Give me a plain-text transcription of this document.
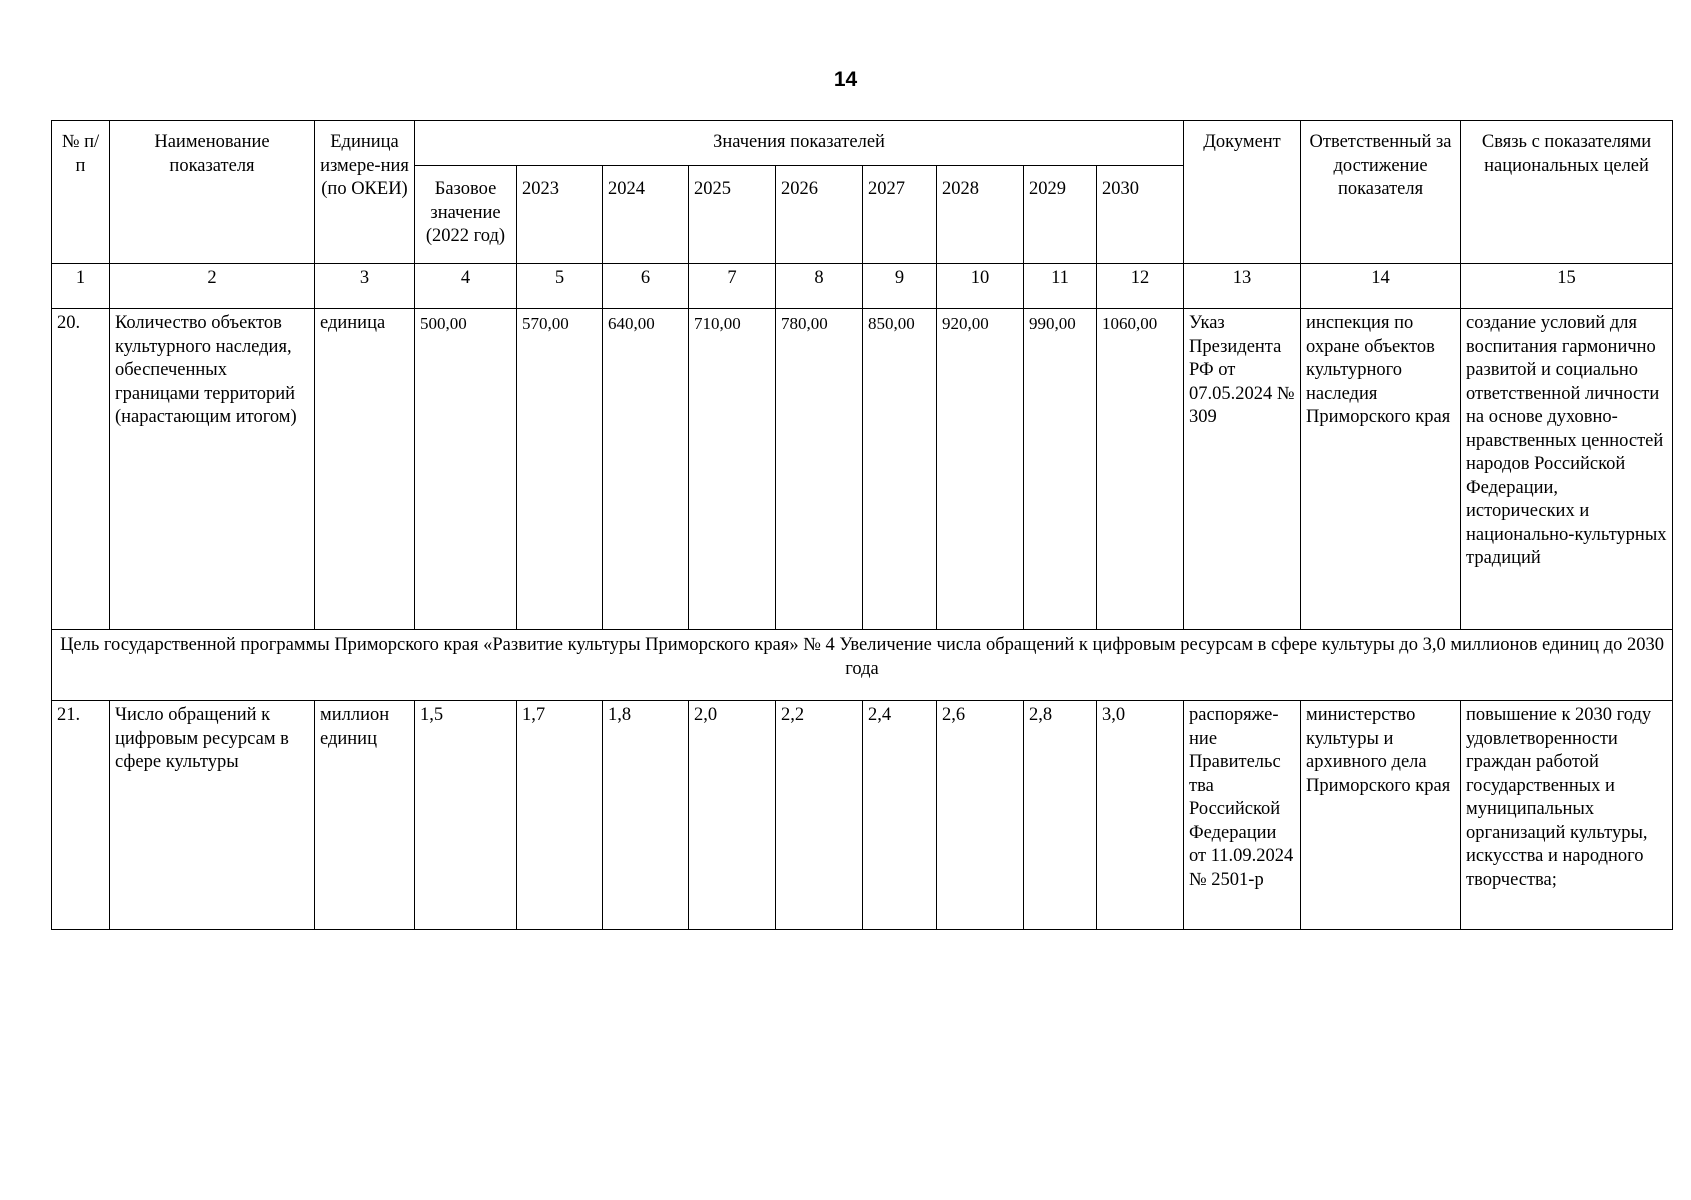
14
№ п/п	Наименование показателя	Единица измере-ния (по ОКЕИ)	Значения показателей									Документ	Ответственный за достижение показателя	Связь с показателями национальных целей
			Базовое значение (2022 год)	2023	2024	2025	2026	2027	2028	2029	2030			
1	2	3	4	5	6	7	8	9	10	11	12	13	14	15
20.	Количество объектов культурного наследия, обеспеченных границами территорий (нарастающим итогом)	единица	500,00	570,00	640,00	710,00	780,00	850,00	920,00	990,00	1060,00	Указ Президента РФ от 07.05.2024 № 309	инспекция по охране объектов культурного наследия Приморского края	создание условий для воспитания гармонично развитой и социально ответственной личности на основе духовно-нравственных ценностей народов Российской Федерации, исторических и национально-культурных традиций
Цель государственной программы Приморского края «Развитие культуры Приморского края» № 4 Увеличение числа обращений к цифровым ресурсам в сфере культуры до 3,0 миллионов единиц до 2030 года														
21.	Число обращений к цифровым ресурсам в сфере культуры	миллион единиц	1,5	1,7	1,8	2,0	2,2	2,4	2,6	2,8	3,0	распоряже-ние Правительс тва Российской Федерации от 11.09.2024 № 2501-р	министерство культуры и архивного дела Приморского края	повышение к 2030 году удовлетворенности граждан работой государственных и муниципальных организаций культуры, искусства и народного творчества;
